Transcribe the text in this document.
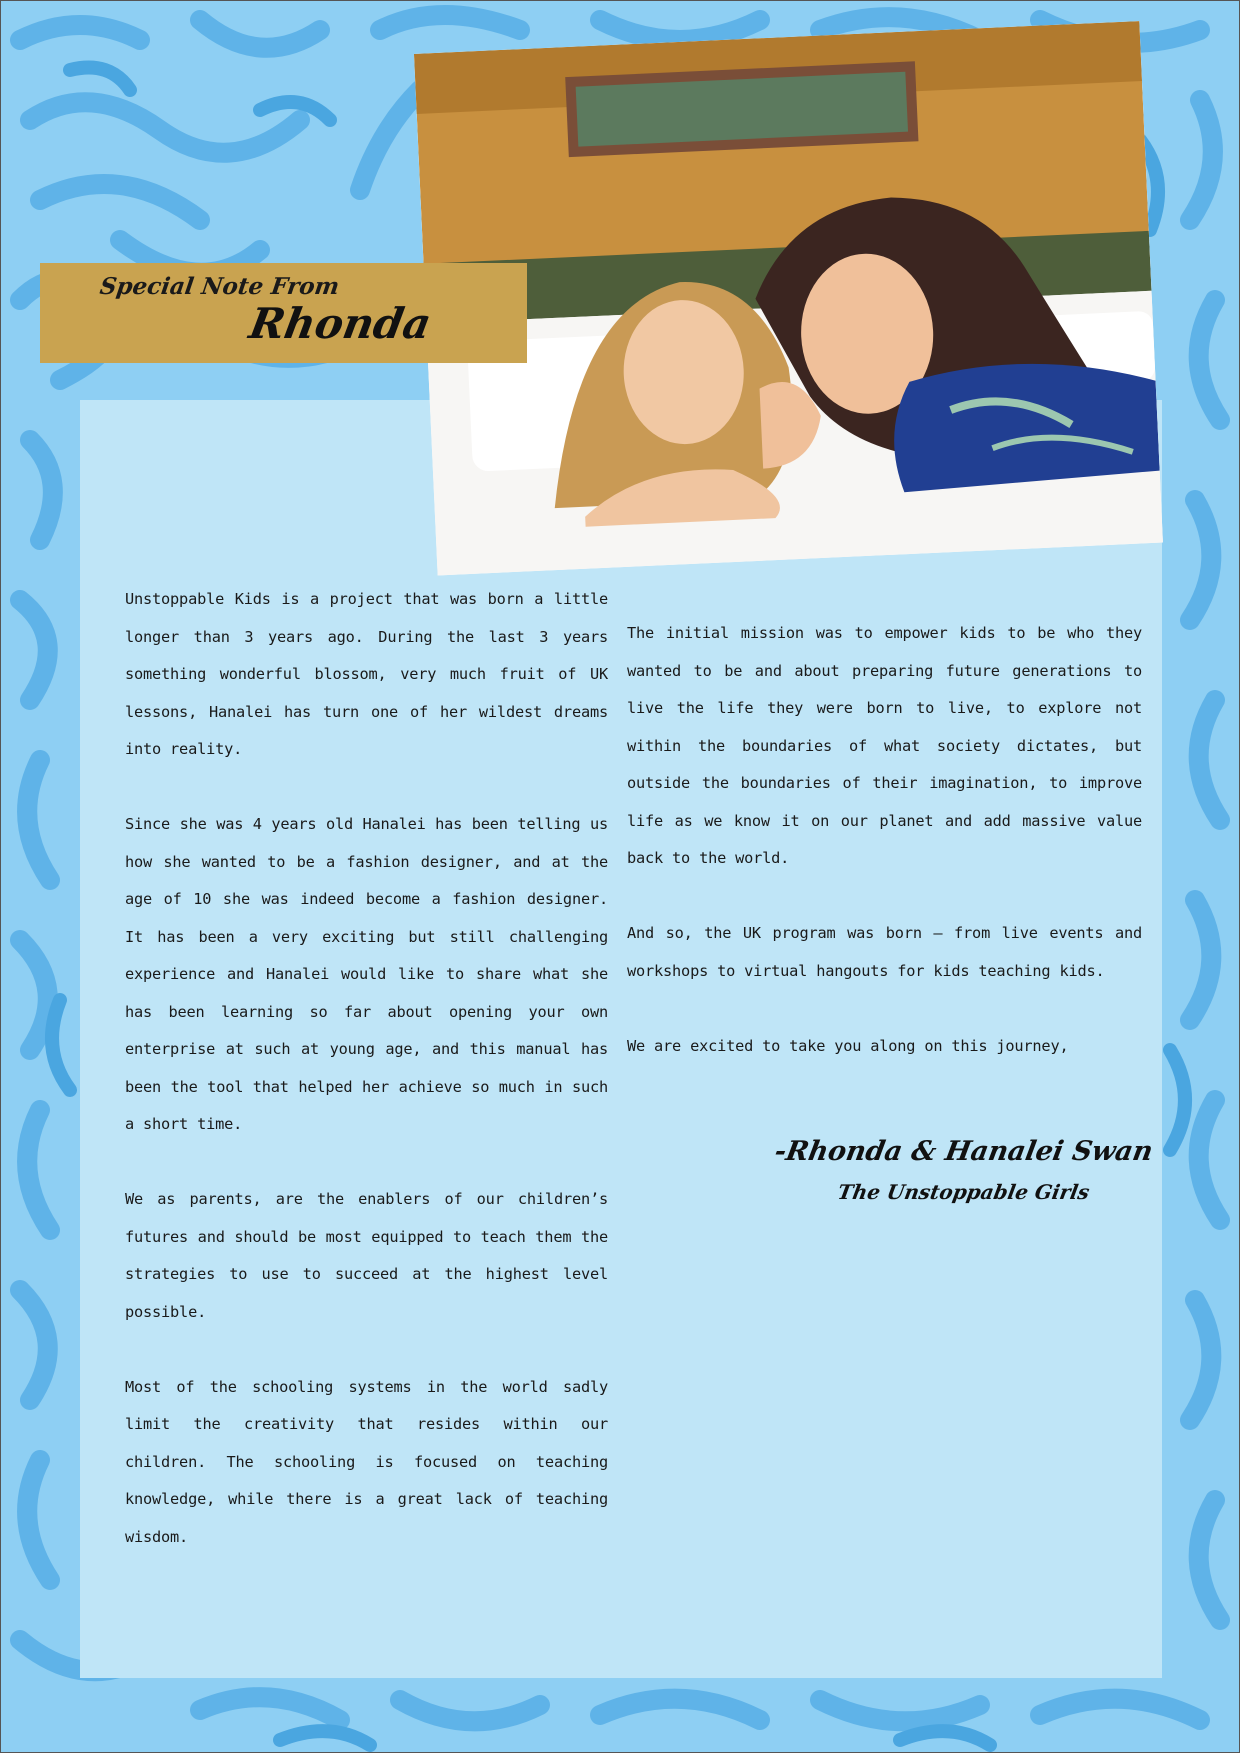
Special Note From
Rhonda

Unstoppable Kids is a project that was born a little longer than 3 years ago. During the last 3 years something wonderful blossom, very much fruit of UK lessons, Hanalei has turn one of her wildest dreams into reality.

Since she was 4 years old Hanalei has been telling us how she wanted to be a fashion designer, and at the age of 10 she was indeed become a fashion designer. It has been a very exciting but still challenging experience and Hanalei would like to share what she has been learning so far about opening your own enterprise at such at young age, and this manual has been the tool that helped her achieve so much in such a short time.

We as parents, are the enablers of our children’s futures and should be most equipped to teach them the strategies to use to succeed at the highest level possible.

Most of the schooling systems in the world sadly limit the creativity that resides within our children. The schooling is focused on teaching knowledge, while there is a great lack of teaching wisdom.

The initial mission was to empower kids to be who they wanted to be and about preparing future generations to live the life they were born to live, to explore not within the boundaries of what society dictates, but outside the boundaries of their imagination, to improve life as we know it on our planet and add massive value back to the world.

And so, the UK program was born – from live events and workshops to virtual hangouts for kids teaching kids.

We are excited to take you along on this journey,

-Rhonda & Hanalei Swan
The Unstoppable Girls
